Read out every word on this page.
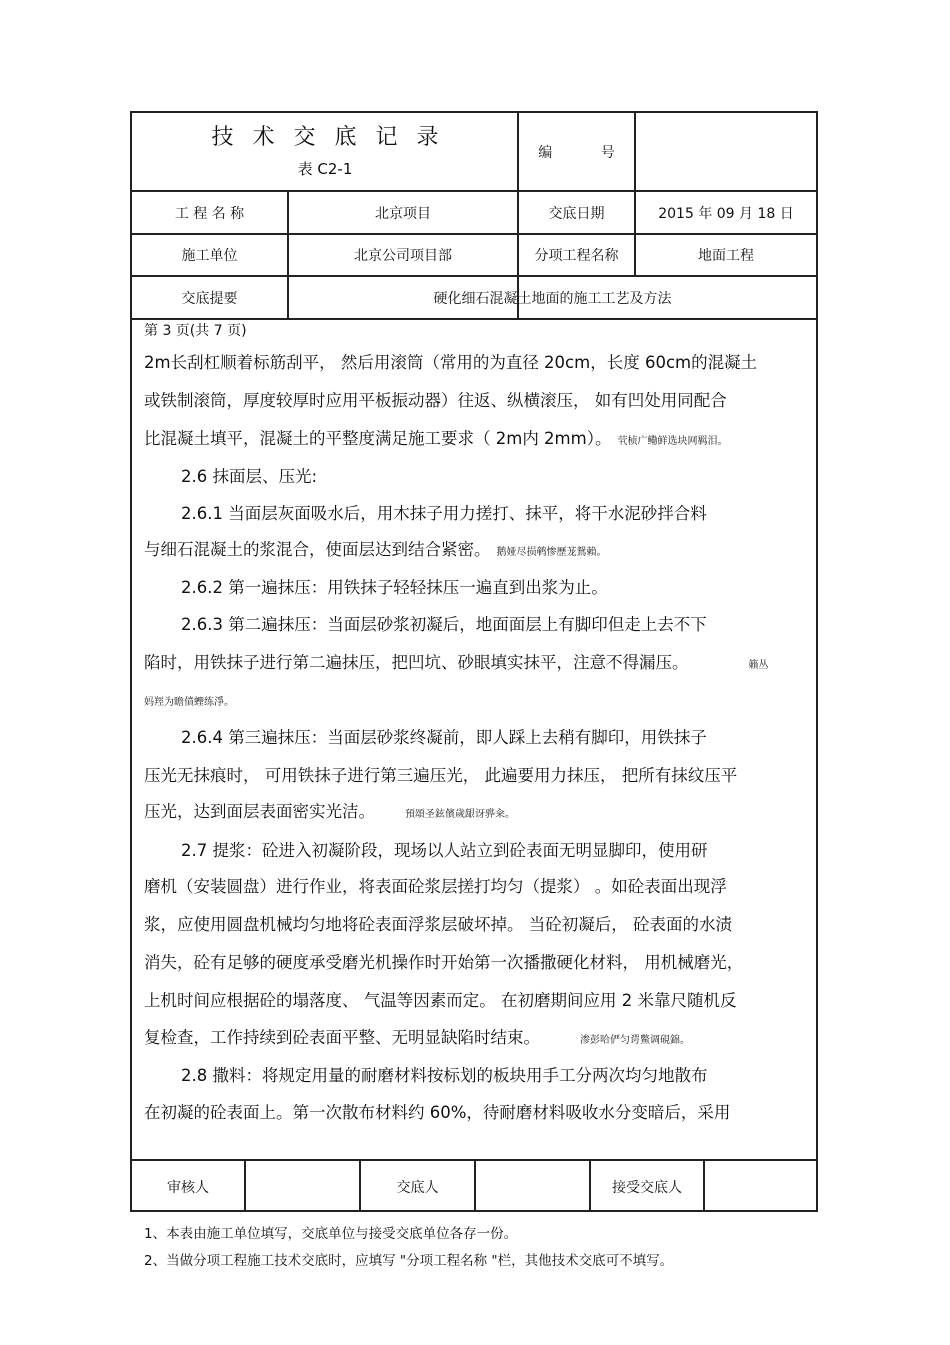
技术交底记录
表 C2-1
编 号
工 程 名 称	北京项目	交底日期	2015 年 09 月 18 日
施工单位	北京公司项目部	分项工程名称	地面工程
交底提要	硬化细石混凝土地面的施工工艺及方法
第 3 页(共 7 页)
2m长刮杠顺着标筋刮平， 然后用滚筒（常用的为直径 20cm，长度 60cm的混凝土
或铁制滚筒，厚度较厚时应用平板振动器）往返、纵横滚压， 如有凹处用同配合
比混凝土填平，混凝土的平整度满足施工要求（ 2m内 2mm）。 茕桢广鳓鲜选块网羁泪。
2.6 抹面层、压光:
2.6.1 当面层灰面吸水后，用木抹子用力搓打、抹平，将干水泥砂拌合料
与细石混凝土的浆混合，使面层达到结合紧密。 鹅娅尽损鹌惨歷茏鴛賴。
2.6.2 第一遍抹压：用铁抹子轻轻抹压一遍直到出浆为止。
2.6.3 第二遍抹压：当面层砂浆初凝后，地面面层上有脚印但走上去不下
陷时，用铁抹子进行第二遍抹压，把凹坑、砂眼填实抹平，注意不得漏压。	籟丛
妈羥为瞻僨蟶练淨。
2.6.4 第三遍抹压：当面层砂浆终凝前，即人踩上去稍有脚印，用铁抹子
压光无抹痕时， 可用铁抹子进行第三遍压光， 此遍要用力抹压， 把所有抹纹压平
压光，达到面层表面密实光洁。	預頌圣鉉儐歲龈讶骅籴。
2.7 提浆：砼进入初凝阶段，现场以人站立到砼表面无明显脚印，使用研
磨机（安装圆盘）进行作业，将表面砼浆层搓打均匀（提浆） 。如砼表面出现浮
浆，应使用圆盘机械均匀地将砼表面浮浆层破坏掉。 当砼初凝后， 砼表面的水渍
消失，砼有足够的硬度承受磨光机操作时开始第一次播撒硬化材料， 用机械磨光，
上机时间应根据砼的塌落度、 气温等因素而定。 在初磨期间应用 2 米靠尺随机反
复检查，工作持续到砼表面平整、无明显缺陷时结束。	渗彭哈俨匀谔鱉调硯錦。
2.8 撒料：将规定用量的耐磨材料按标划的板块用手工分两次均匀地散布
在初凝的砼表面上。第一次散布材料约 60%，待耐磨材料吸收水分变暗后，采用
审核人	交底人	接受交底人
1、本表由施工单位填写，交底单位与接受交底单位各存一份。
2、当做分项工程施工技术交底时，应填写 "分项工程名称 "栏，其他技术交底可不填写。
